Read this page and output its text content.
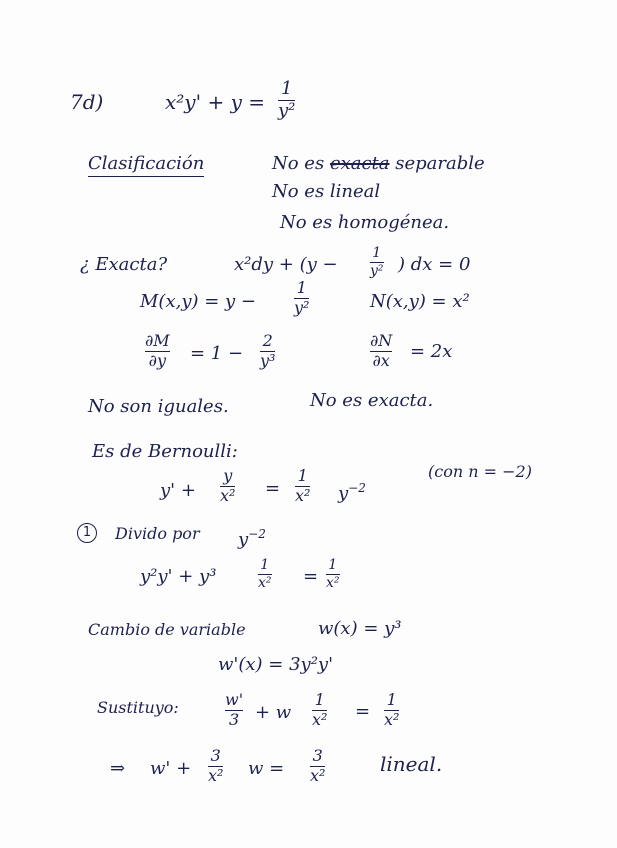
7d)	x²y' + y =
1
y²
Clasificación	No es exacta separable
No es lineal
No es homogénea.
¿ Exacta?	x²dy + (y −
1
y² ) dx = 0
M(x,y) = y −
1
y²	N(x,y) = x²
∂M
∂y = 1 −
2
y³
∂N
∂x = 2x
No son iguales.	No es exacta.
Es de Bernoulli:
y' +
y
x² =
1
x² $y^{-2}$
(con n = −2)
1	Divido por $y^{-2}$
y²y' + y³
1
x² =
1
x²
Cambio de variable	w(x) = y³
w'(x) = 3y²y'
Sustituyo:	w'
3 + w
1
x² =
1
x²
⇒ w' +
3
x² w =
3
x²	lineal.
